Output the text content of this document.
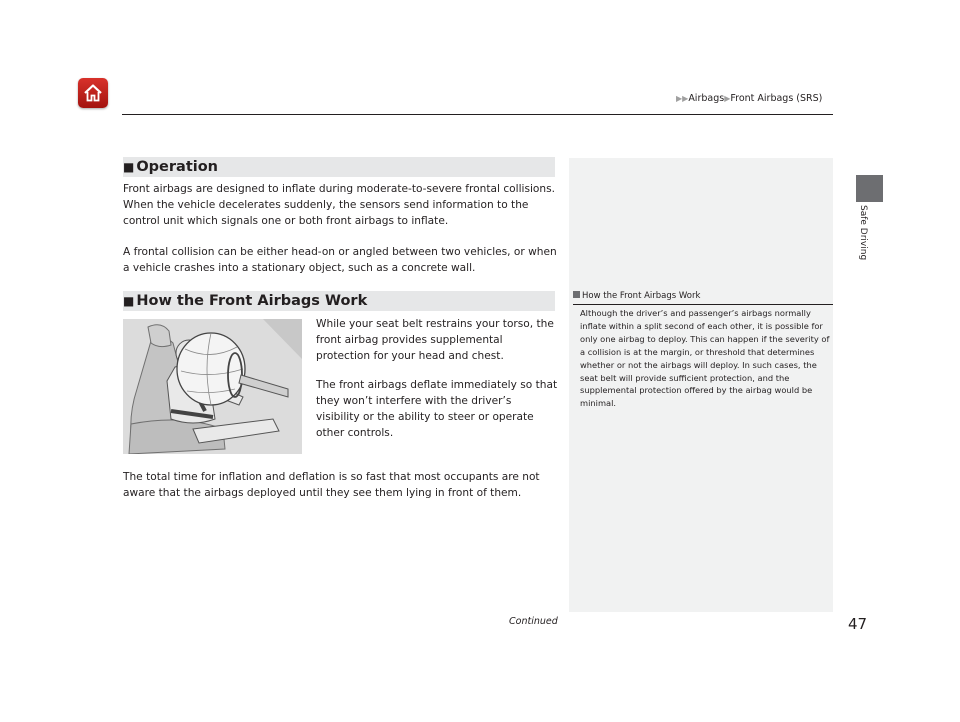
▶▶Airbags▶Front Airbags (SRS)
Safe Driving
How the Front Airbags Work
Although the driver’s and passenger’s airbags normally inflate within a split second of each other, it is possible for only one airbag to deploy. This can happen if the severity of a collision is at the margin, or threshold that determines whether or not the airbags will deploy. In such cases, the seat belt will provide sufficient protection, and the supplemental protection offered by the airbag would be minimal.
■ Operation
Front airbags are designed to inflate during moderate-to-severe frontal collisions. When the vehicle decelerates suddenly, the sensors send information to the control unit which signals one or both front airbags to inflate.
A frontal collision can be either head-on or angled between two vehicles, or when a vehicle crashes into a stationary object, such as a concrete wall.
■ How the Front Airbags Work
While your seat belt restrains your torso, the front airbag provides supplemental protection for your head and chest.
The front airbags deflate immediately so that they won’t interfere with the driver’s visibility or the ability to steer or operate other controls.
The total time for inflation and deflation is so fast that most occupants are not aware that the airbags deployed until they see them lying in front of them.
Continued	47
